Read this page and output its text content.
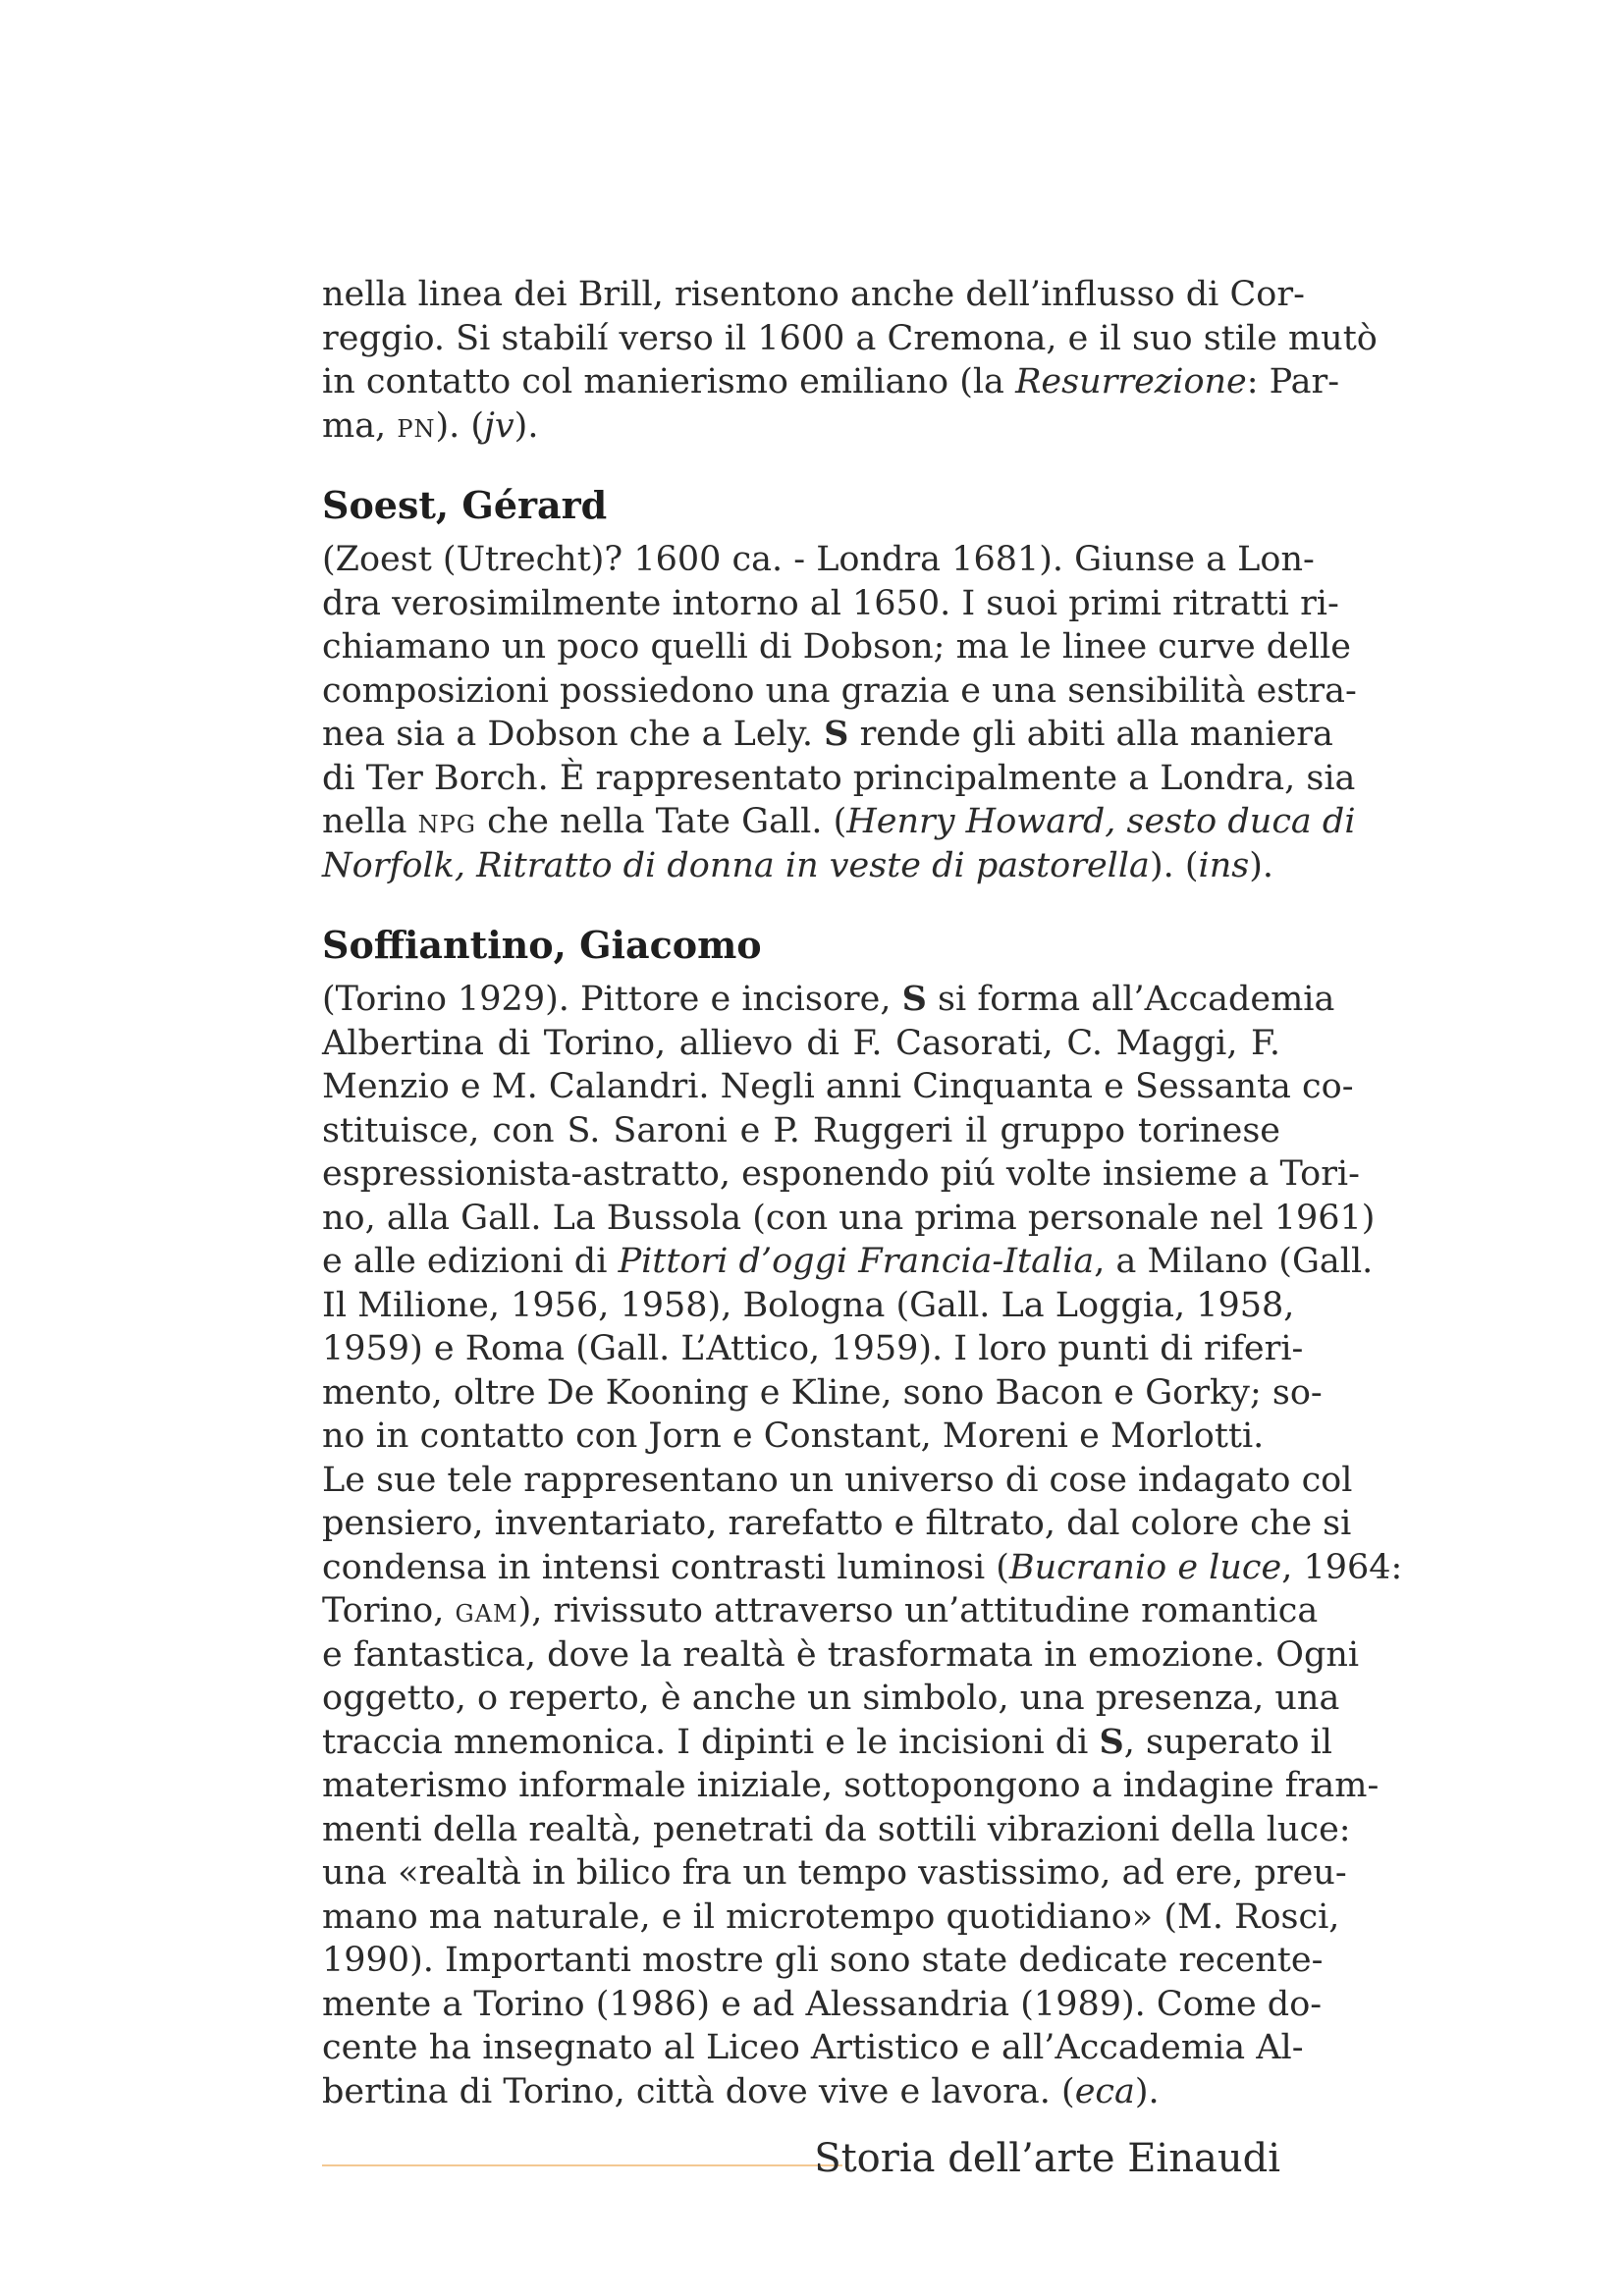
nella linea dei Brill, risentono anche dell’influsso di Cor-
reggio. Si stabilí verso il 1600 a Cremona, e il suo stile mutò
in contatto col manierismo emiliano (la Resurrezione: Par-
ma, PN). (jv).
Soest, Gérard
(Zoest (Utrecht)? 1600 ca. - Londra 1681). Giunse a Lon-
dra verosimilmente intorno al 1650. I suoi primi ritratti ri-
chiamano un poco quelli di Dobson; ma le linee curve delle
composizioni possiedono una grazia e una sensibilità estra-
nea sia a Dobson che a Lely. S rende gli abiti alla maniera
di Ter Borch. È rappresentato principalmente a Londra, sia
nella NPG che nella Tate Gall. (Henry Howard, sesto duca di
Norfolk, Ritratto di donna in veste di pastorella). (ins).
Soffiantino, Giacomo
(Torino 1929). Pittore e incisore, S si forma all’Accademia
Albertina di Torino, allievo di F. Casorati, C. Maggi, F.
Menzio e M. Calandri. Negli anni Cinquanta e Sessanta co-
stituisce, con S. Saroni e P. Ruggeri il gruppo torinese
espressionista-astratto, esponendo piú volte insieme a Tori-
no, alla Gall. La Bussola (con una prima personale nel 1961)
e alle edizioni di Pittori d’oggi Francia-Italia, a Milano (Gall.
Il Milione, 1956, 1958), Bologna (Gall. La Loggia, 1958,
1959) e Roma (Gall. L’Attico, 1959). I loro punti di riferi-
mento, oltre De Kooning e Kline, sono Bacon e Gorky; so-
no in contatto con Jorn e Constant, Moreni e Morlotti.
Le sue tele rappresentano un universo di cose indagato col
pensiero, inventariato, rarefatto e filtrato, dal colore che si
condensa in intensi contrasti luminosi (Bucranio e luce, 1964:
Torino, GAM), rivissuto attraverso un’attitudine romantica
e fantastica, dove la realtà è trasformata in emozione. Ogni
oggetto, o reperto, è anche un simbolo, una presenza, una
traccia mnemonica. I dipinti e le incisioni di S, superato il
materismo informale iniziale, sottopongono a indagine fram-
menti della realtà, penetrati da sottili vibrazioni della luce:
una «realtà in bilico fra un tempo vastissimo, ad ere, preu-
mano ma naturale, e il microtempo quotidiano» (M. Rosci,
1990). Importanti mostre gli sono state dedicate recente-
mente a Torino (1986) e ad Alessandria (1989). Come do-
cente ha insegnato al Liceo Artistico e all’Accademia Al-
bertina di Torino, città dove vive e lavora. (eca).
Storia dell’arte Einaudi
